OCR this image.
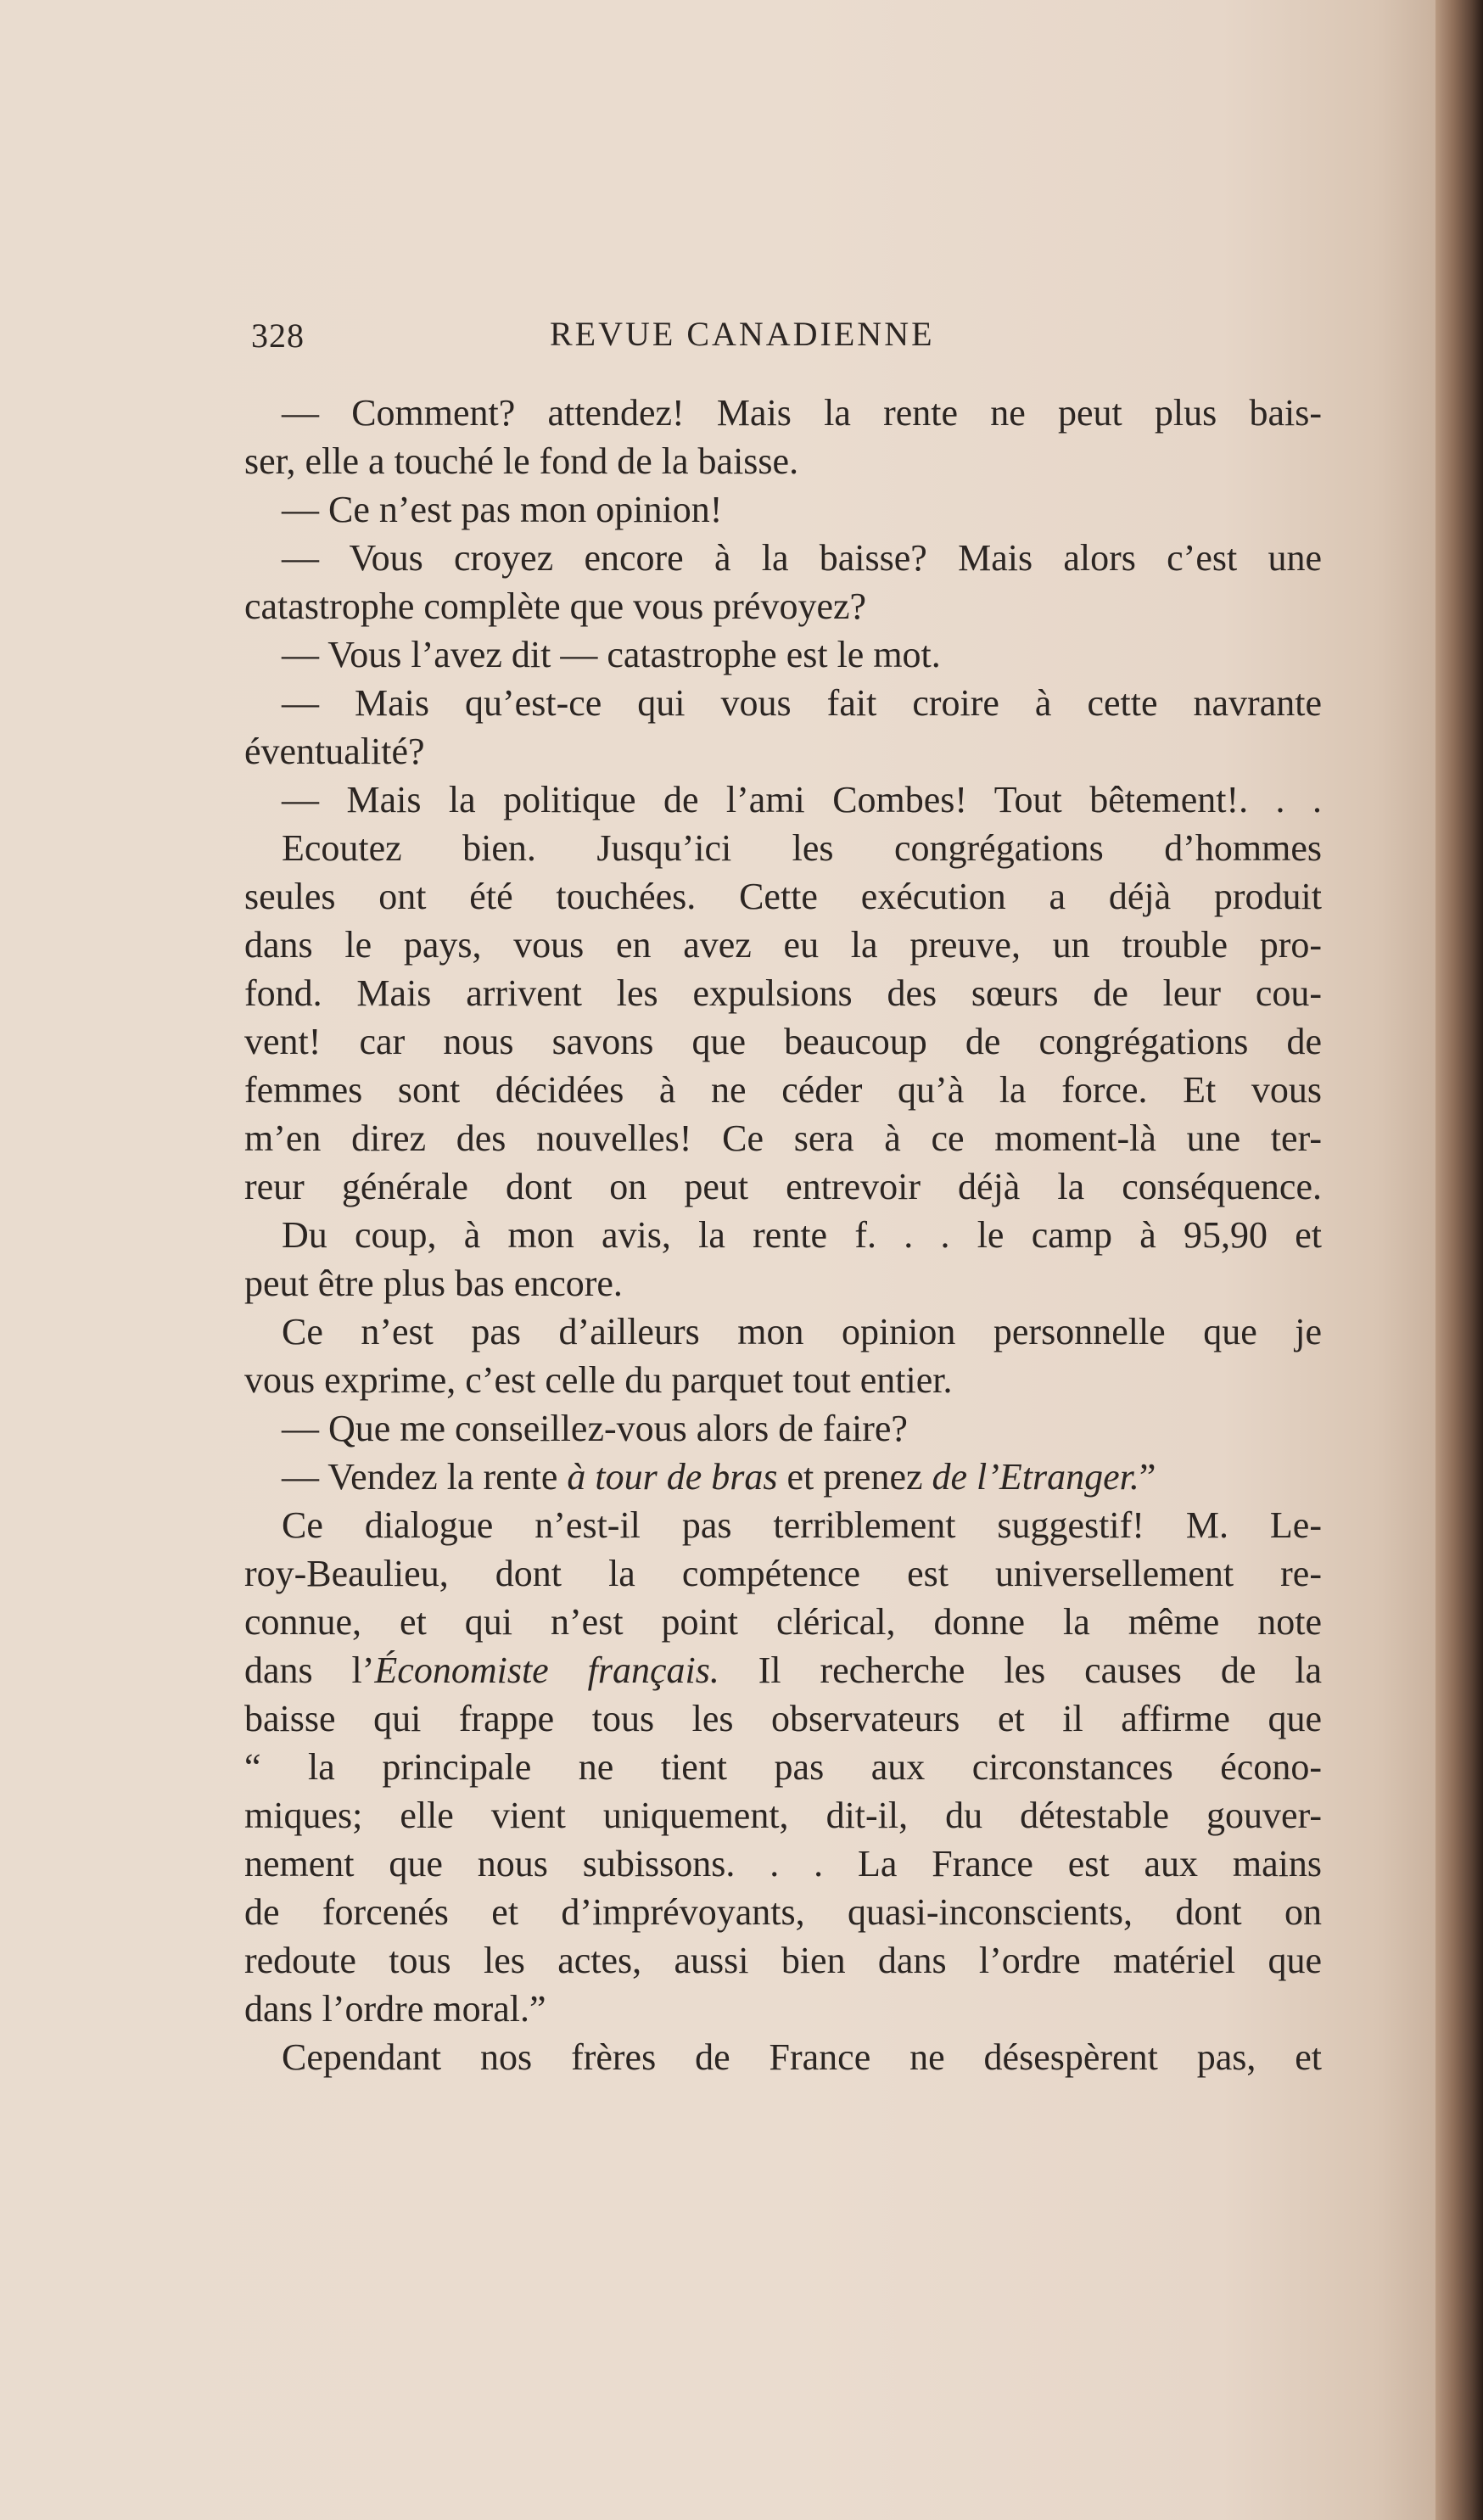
328	REVUE CANADIENNE
— Comment? attendez! Mais la rente ne peut plus bais-
ser, elle a touché le fond de la baisse.
— Ce n’est pas mon opinion!
— Vous croyez encore à la baisse? Mais alors c’est une
catastrophe complète que vous prévoyez?
— Vous l’avez dit — catastrophe est le mot.
— Mais qu’est-ce qui vous fait croire à cette navrante
éventualité?
— Mais la politique de l’ami Combes! Tout bêtement!. . .
Ecoutez bien. Jusqu’ici les congrégations d’hommes
seules ont été touchées. Cette exécution a déjà produit
dans le pays, vous en avez eu la preuve, un trouble pro-
fond. Mais arrivent les expulsions des sœurs de leur cou-
vent! car nous savons que beaucoup de congrégations de
femmes sont décidées à ne céder qu’à la force. Et vous
m’en direz des nouvelles! Ce sera à ce moment-là une ter-
reur générale dont on peut entrevoir déjà la conséquence.
Du coup, à mon avis, la rente f. . . le camp à 95,90 et
peut être plus bas encore.
Ce n’est pas d’ailleurs mon opinion personnelle que je
vous exprime, c’est celle du parquet tout entier.
— Que me conseillez-vous alors de faire?
— Vendez la rente à tour de bras et prenez de l’Etranger.”
Ce dialogue n’est-il pas terriblement suggestif! M. Le-
roy-Beaulieu, dont la compétence est universellement re-
connue, et qui n’est point clérical, donne la même note
dans l’Économiste français. Il recherche les causes de la
baisse qui frappe tous les observateurs et il affirme que
“ la principale ne tient pas aux circonstances écono-
miques; elle vient uniquement, dit-il, du détestable gouver-
nement que nous subissons. . . La France est aux mains
de forcenés et d’imprévoyants, quasi-inconscients, dont on
redoute tous les actes, aussi bien dans l’ordre matériel que
dans l’ordre moral.”
Cependant nos frères de France ne désespèrent pas, et
